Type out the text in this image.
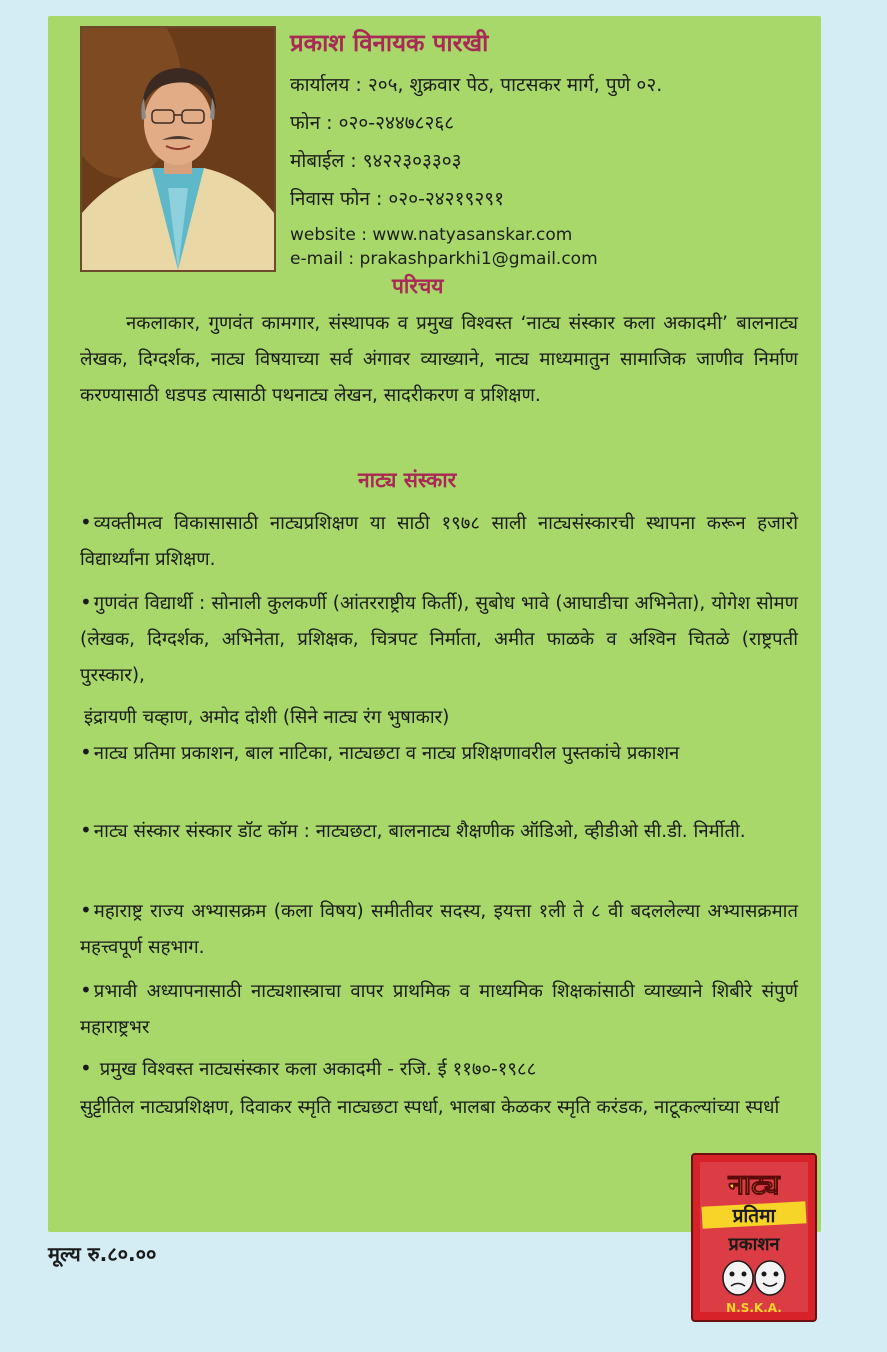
प्रकाश विनायक पारखी
कार्यालय : २०५, शुक्रवार पेठ, पाटसकर मार्ग, पुणे ०२.
फोन : ०२०-२४४७८२६८
मोबाईल : ९४२२३०३३०३
निवास फोन : ०२०-२४२१९२९१
website : www.natyasanskar.com
e-mail : prakashparkhi1@gmail.com
परिचय
नकलाकार, गुणवंत कामगार, संस्थापक व प्रमुख विश्वस्त ‘नाट्य संस्कार कला अकादमी’ बालनाट्य लेखक, दिग्दर्शक, नाट्य विषयाच्या सर्व अंगावर व्याख्याने, नाट्य माध्यमातुन सामाजिक जाणीव निर्माण करण्यासाठी धडपड त्यासाठी पथनाट्य लेखन, सादरीकरण व प्रशिक्षण.
नाट्य संस्कार
• व्यक्तीमत्व विकासासाठी नाट्यप्रशिक्षण या साठी १९७८ साली नाट्यसंस्कारची स्थापना करून हजारो विद्यार्थ्यांना प्रशिक्षण.
• गुणवंत विद्यार्थी : सोनाली कुलकर्णी (आंतरराष्ट्रीय किर्ती), सुबोध भावे (आघाडीचा अभिनेता), योगेश सोमण (लेखक, दिग्दर्शक, अभिनेता, प्रशिक्षक, चित्रपट निर्माता, अमीत फाळके व अश्विन चितळे (राष्ट्रपती पुरस्कार),
इंद्रायणी चव्हाण, अमोद दोशी (सिने नाट्य रंग भुषाकार)
• नाट्य प्रतिमा प्रकाशन, बाल नाटिका, नाट्यछटा व नाट्य प्रशिक्षणावरील पुस्तकांचे प्रकाशन
• नाट्य संस्कार संस्कार डॉट कॉम : नाट्यछटा, बालनाट्य शैक्षणीक ऑडिओ, व्हीडीओ सी.डी. निर्मीती.
• महाराष्ट्र राज्य अभ्यासक्रम (कला विषय) समीतीवर सदस्य, इयत्ता १ली ते ८ वी बदललेल्या अभ्यासक्रमात महत्त्वपूर्ण सहभाग.
• प्रभावी अध्यापनासाठी नाट्यशास्त्राचा वापर प्राथमिक व माध्यमिक शिक्षकांसाठी व्याख्याने शिबीरे संपुर्ण महाराष्ट्रभर
• प्रमुख विश्वस्त नाट्यसंस्कार कला अकादमी - रजि. ई ११७०-१९८८
सुट्टीतिल नाट्यप्रशिक्षण, दिवाकर स्मृति नाट्यछटा स्पर्धा, भालबा केळकर स्मृति करंडक, नाटूकल्यांच्या स्पर्धा
मूल्य रु.८०.००
नाट्य
प्रतिमा
प्रकाशन
N.S.K.A.
